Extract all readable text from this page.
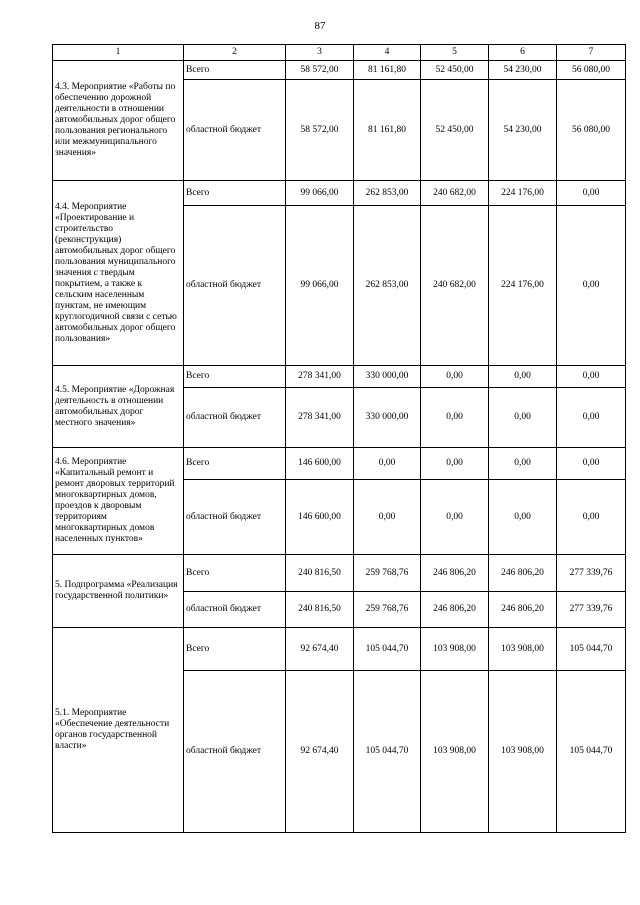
87
1	2	3	4	5	6	7
4.3. Мероприятие «Работы по обеспечению дорожной деятельности в отношении автомобильных дорог общего пользования регионального или межмуниципального значения»	Всего	58 572,00	81 161,80	52 450,00	54 230,00	56 080,00
	областной бюджет	58 572,00	81 161,80	52 450,00	54 230,00	56 080,00
4.4. Мероприятие «Проектирование и строительство (реконструкция) автомобильных дорог общего пользования муниципального значения с твердым покрытием, а также к сельским населенным пунктам, не имеющим круглогодичной связи с сетью автомобильных дорог общего пользования»	Всего	99 066,00	262 853,00	240 682,00	224 176,00	0,00
	областной бюджет	99 066,00	262 853,00	240 682,00	224 176,00	0,00
4.5. Мероприятие «Дорожная деятельность в отношении автомобильных дорог местного значения»	Всего	278 341,00	330 000,00	0,00	0,00	0,00
	областной бюджет	278 341,00	330 000,00	0,00	0,00	0,00
4.6. Мероприятие «Капитальный ремонт и ремонт дворовых территорий многоквартирных домов, проездов к дворовым территориям многоквартирных домов населенных пунктов»	Всего	146 600,00	0,00	0,00	0,00	0,00
	областной бюджет	146 600,00	0,00	0,00	0,00	0,00
5. Подпрограмма «Реализация государственной политики»	Всего	240 816,50	259 768,76	246 806,20	246 806,20	277 339,76
	областной бюджет	240 816,50	259 768,76	246 806,20	246 806,20	277 339,76
5.1. Мероприятие «Обеспечение деятельности органов государственной власти»	Всего	92 674,40	105 044,70	103 908,00	103 908,00	105 044,70
	областной бюджет	92 674,40	105 044,70	103 908,00	103 908,00	105 044,70
